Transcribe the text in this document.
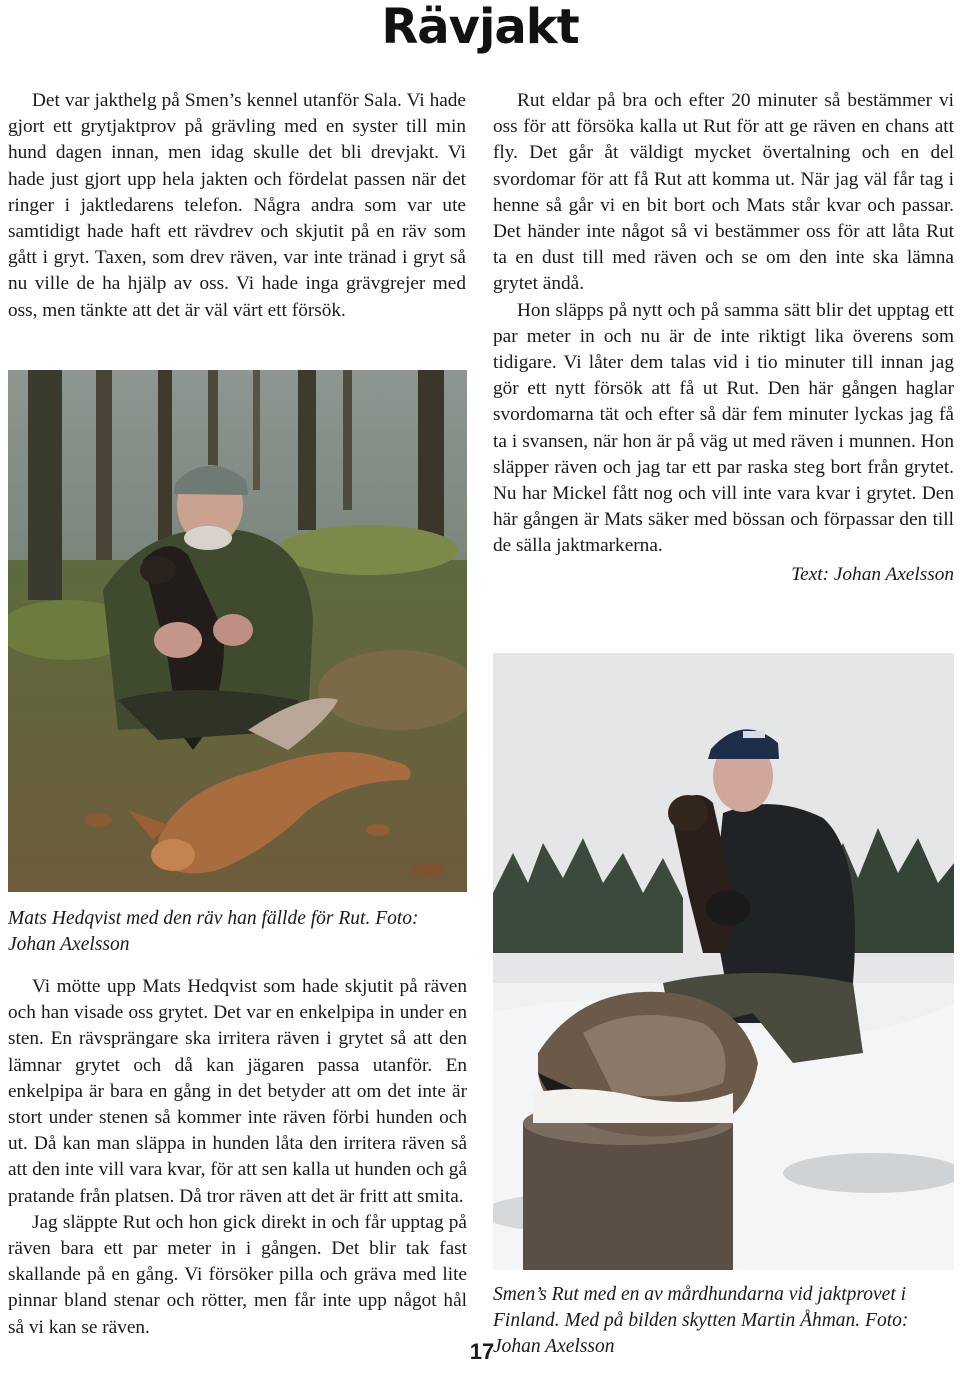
Rävjakt

Det var jakthelg på Smen’s kennel utanför Sala. Vi hade gjort ett grytjaktprov på grävling med en syster till min hund dagen innan, men idag skulle det bli drevjakt. Vi hade just gjort upp hela jakten och fördelat passen när det ringer i jaktledarens telefon. Några andra som var ute samtidigt hade haft ett rävdrev och skjutit på en räv som gått i gryt. Taxen, som drev räven, var inte tränad i gryt så nu ville de ha hjälp av oss. Vi hade inga grävgrejer med oss, men tänkte att det är väl värt ett försök.

Mats Hedqvist med den räv han fällde för Rut. Foto: Johan Axelsson

Vi mötte upp Mats Hedqvist som hade skjutit på räven och han visade oss grytet. Det var en enkelpipa in under en sten. En rävsprängare ska irritera räven i grytet så att den lämnar grytet och då kan jägaren passa utanför. En enkelpipa är bara en gång in det betyder att om det inte är stort under stenen så kommer inte räven förbi hunden och ut. Då kan man släppa in hunden låta den irritera räven så att den inte vill vara kvar, för att sen kalla ut hunden och gå pratande från platsen. Då tror räven att det är fritt att smita.

Jag släppte Rut och hon gick direkt in och får upptag på räven bara ett par meter in i gången. Det blir tak fast skallande på en gång. Vi försöker pilla och gräva med lite pinnar bland stenar och rötter, men får inte upp något hål så vi kan se räven.

Rut eldar på bra och efter 20 minuter så bestämmer vi oss för att försöka kalla ut Rut för att ge räven en chans att fly. Det går åt väldigt mycket övertalning och en del svordomar för att få Rut att komma ut. När jag väl får tag i henne så går vi en bit bort och Mats står kvar och passar. Det händer inte något så vi bestämmer oss för att låta Rut ta en dust till med räven och se om den inte ska lämna grytet ändå.

Hon släpps på nytt och på samma sätt blir det upptag ett par meter in och nu är de inte riktigt lika överens som tidigare. Vi låter dem talas vid i tio minuter till innan jag gör ett nytt försök att få ut Rut. Den här gången haglar svordomarna tät och efter så där fem minuter lyckas jag få ta i svansen, när hon är på väg ut med räven i munnen. Hon släpper räven och jag tar ett par raska steg bort från grytet. Nu har Mickel fått nog och vill inte vara kvar i grytet. Den här gången är Mats säker med bössan och förpassar den till de sälla jaktmarkerna.

Text: Johan Axelsson
Smen’s Rut med en av mårdhundarna vid jaktprovet i Finland. Med på bilden skytten Martin Åhman. Foto: Johan Axelsson
17
